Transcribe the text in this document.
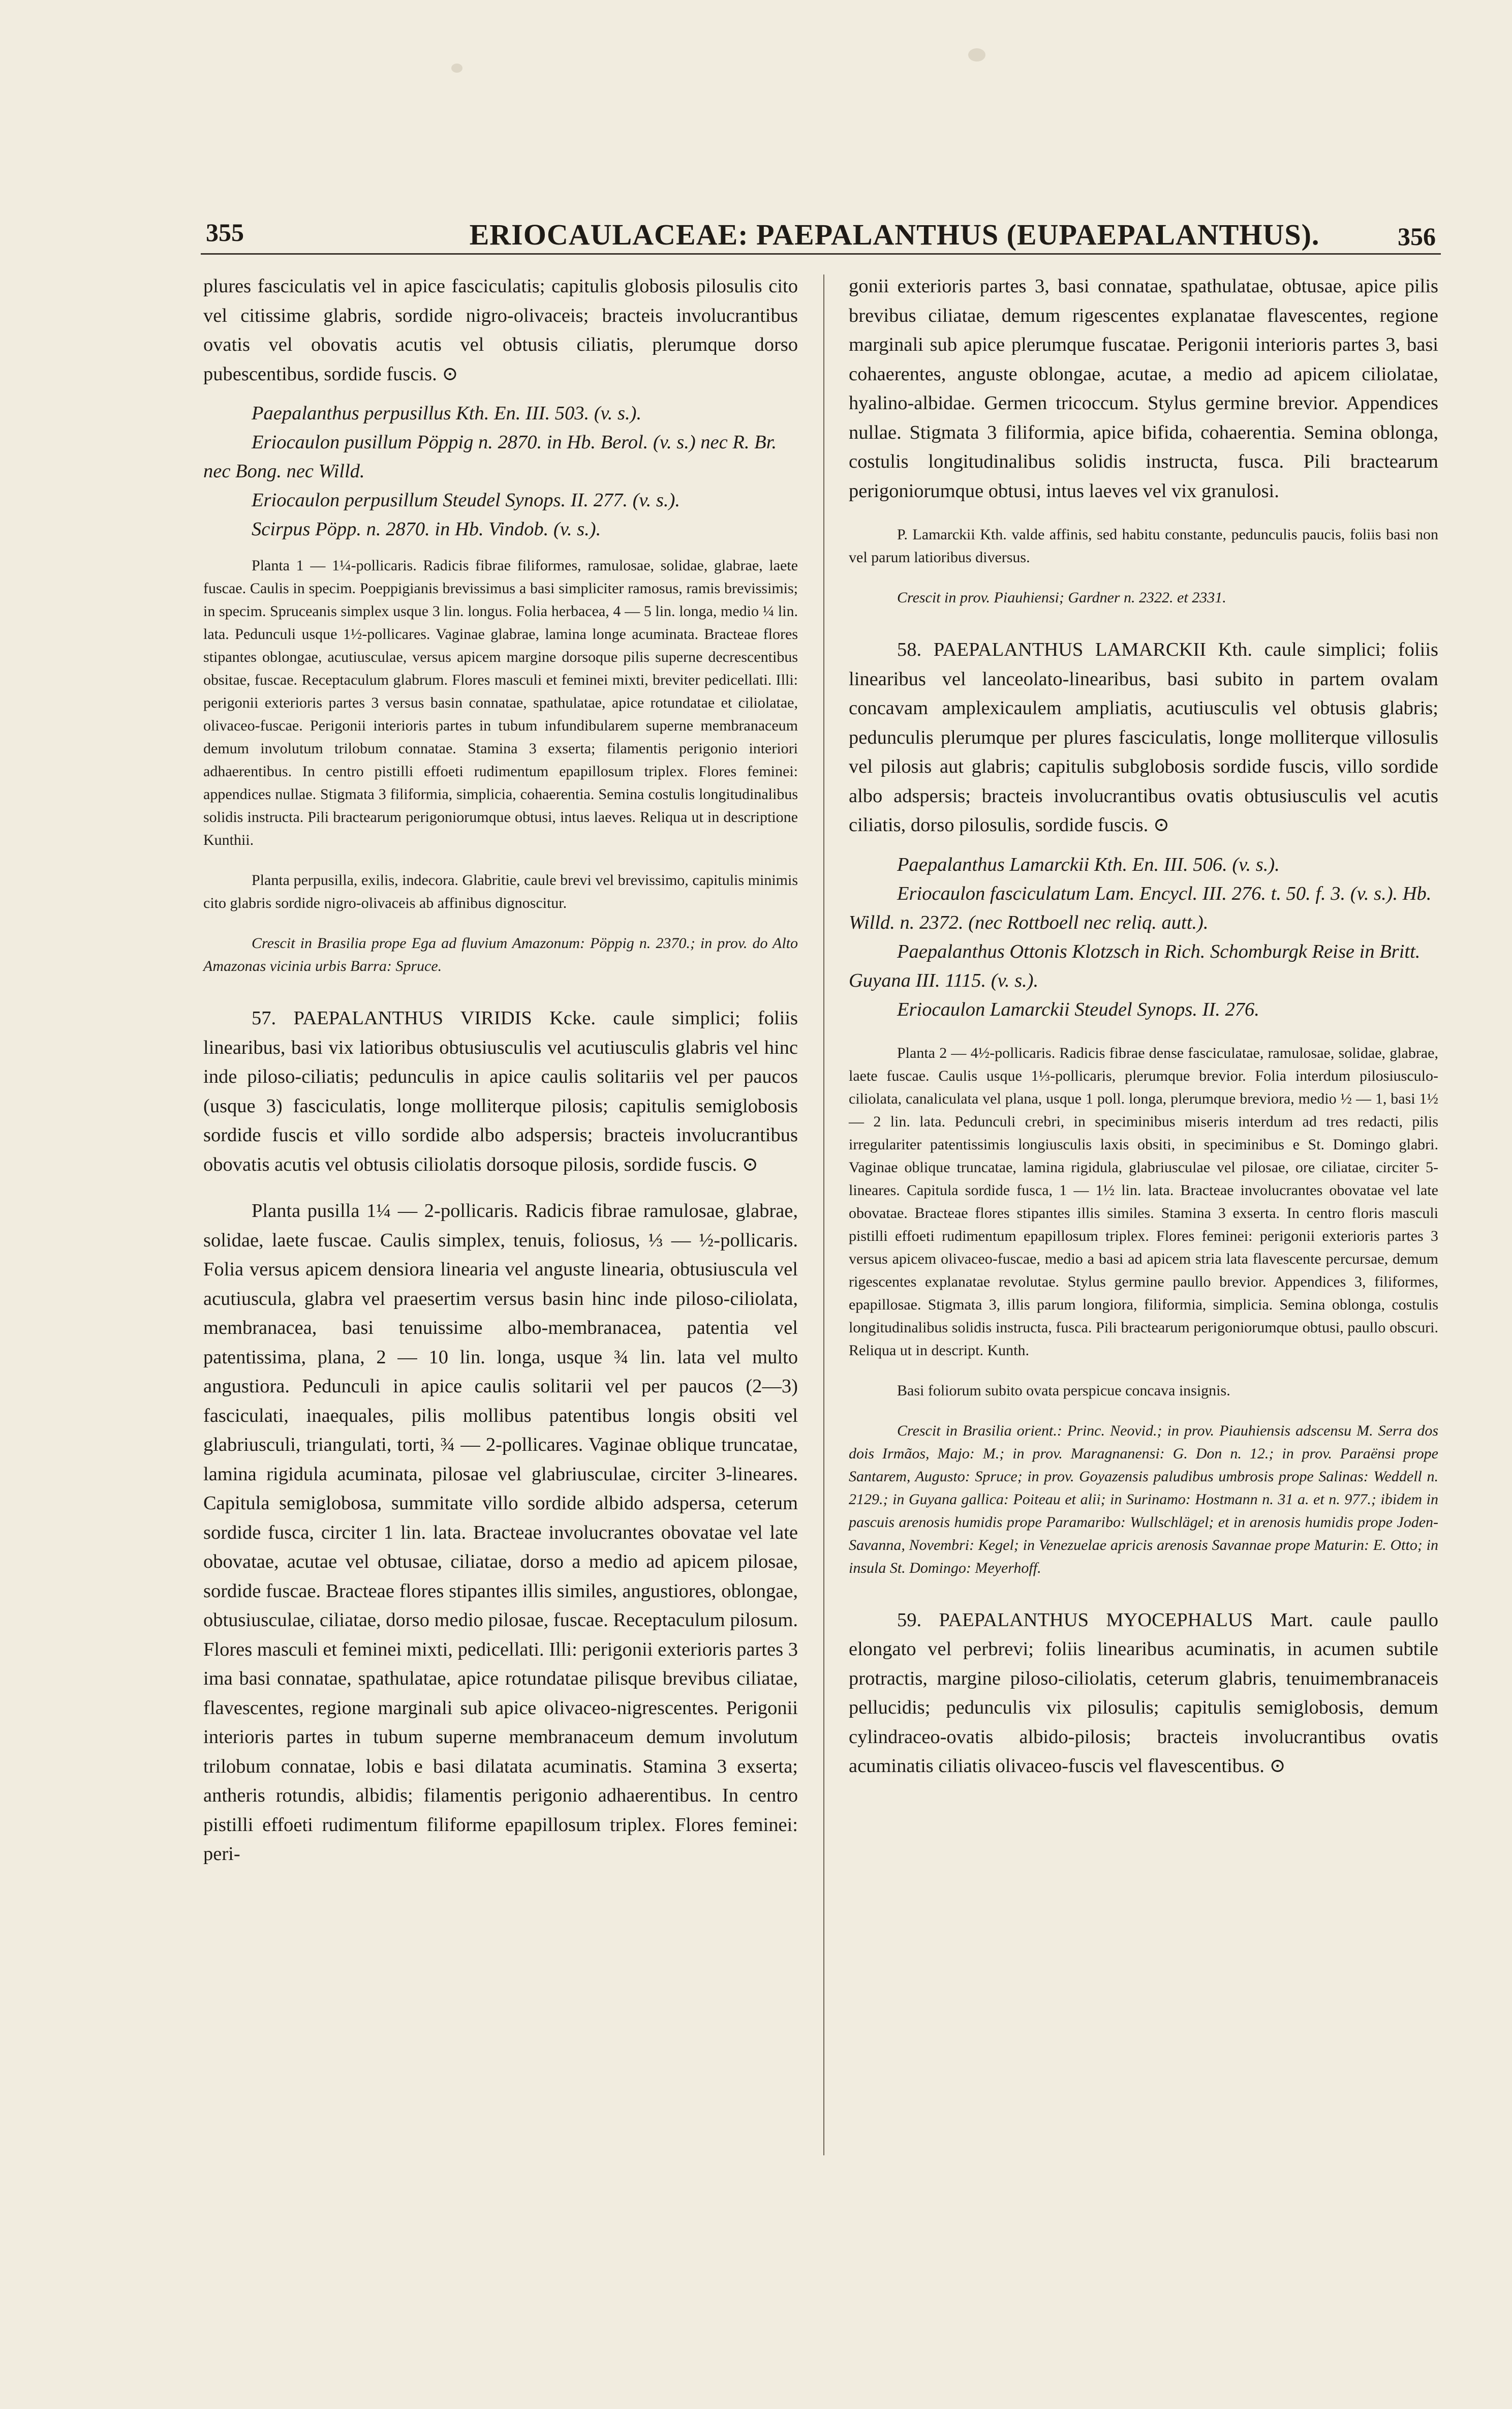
355	ERIOCAULACEAE: PAEPALANTHUS (EUPAEPALANTHUS).	356

plures fasciculatis vel in apice fasciculatis; capitulis globosis pilosulis cito vel citissime glabris, sordide nigro-olivaceis; bracteis involucrantibus ovatis vel obovatis acutis vel obtusis ciliatis, plerumque dorso pubescentibus, sordide fuscis. ⊙

Paepalanthus perpusillus Kth. En. III. 503. (v. s.).

Eriocaulon pusillum Pöppig n. 2870. in Hb. Berol. (v. s.) nec R. Br. nec Bong. nec Willd.

Eriocaulon perpusillum Steudel Synops. II. 277. (v. s.).

Scirpus Pöpp. n. 2870. in Hb. Vindob. (v. s.).

Planta 1 — 1¼-pollicaris. Radicis fibrae filiformes, ramulosae, solidae, glabrae, laete fuscae. Caulis in specim. Poeppigianis brevissimus a basi simpliciter ramosus, ramis brevissimis; in specim. Spruceanis simplex usque 3 lin. longus. Folia herbacea, 4 — 5 lin. longa, medio ¼ lin. lata. Pedunculi usque 1½-pollicares. Vaginae glabrae, lamina longe acuminata. Bracteae flores stipantes oblongae, acutiusculae, versus apicem margine dorsoque pilis superne decrescentibus obsitae, fuscae. Receptaculum glabrum. Flores masculi et feminei mixti, breviter pedicellati. Illi: perigonii exterioris partes 3 versus basin connatae, spathulatae, apice rotundatae et ciliolatae, olivaceo-fuscae. Perigonii interioris partes in tubum infundibularem superne membranaceum demum involutum trilobum connatae. Stamina 3 exserta; filamentis perigonio interiori adhaerentibus. In centro pistilli effoeti rudimentum epapillosum triplex. Flores feminei: appendices nullae. Stigmata 3 filiformia, simplicia, cohaerentia. Semina costulis longitudinalibus solidis instructa. Pili bractearum perigoniorumque obtusi, intus laeves. Reliqua ut in descriptione Kunthii.

Planta perpusilla, exilis, indecora. Glabritie, caule brevi vel brevissimo, capitulis minimis cito glabris sordide nigro-olivaceis ab affinibus dignoscitur.

Crescit in Brasilia prope Ega ad fluvium Amazonum: Pöppig n. 2370.; in prov. do Alto Amazonas vicinia urbis Barra: Spruce.

57. PAEPALANTHUS VIRIDIS Kcke. caule simplici; foliis linearibus, basi vix latioribus obtusiusculis vel acutiusculis glabris vel hinc inde piloso-ciliatis; pedunculis in apice caulis solitariis vel per paucos (usque 3) fasciculatis, longe molliterque pilosis; capitulis semiglobosis sordide fuscis et villo sordide albo adspersis; bracteis involucrantibus obovatis acutis vel obtusis ciliolatis dorsoque pilosis, sordide fuscis. ⊙

Planta pusilla 1¼ — 2-pollicaris. Radicis fibrae ramulosae, glabrae, solidae, laete fuscae. Caulis simplex, tenuis, foliosus, ⅓ — ½-pollicaris. Folia versus apicem densiora linearia vel anguste linearia, obtusiuscula vel acutiuscula, glabra vel praesertim versus basin hinc inde piloso-ciliolata, membranacea, basi tenuissime albo-membranacea, patentia vel patentissima, plana, 2 — 10 lin. longa, usque ¾ lin. lata vel multo angustiora. Pedunculi in apice caulis solitarii vel per paucos (2—3) fasciculati, inaequales, pilis mollibus patentibus longis obsiti vel glabriusculi, triangulati, torti, ¾ — 2-pollicares. Vaginae oblique truncatae, lamina rigidula acuminata, pilosae vel glabriusculae, circiter 3-lineares. Capitula semiglobosa, summitate villo sordide albido adspersa, ceterum sordide fusca, circiter 1 lin. lata. Bracteae involucrantes obovatae vel late obovatae, acutae vel obtusae, ciliatae, dorso a medio ad apicem pilosae, sordide fuscae. Bracteae flores stipantes illis similes, angustiores, oblongae, obtusiusculae, ciliatae, dorso medio pilosae, fuscae. Receptaculum pilosum. Flores masculi et feminei mixti, pedicellati. Illi: perigonii exterioris partes 3 ima basi connatae, spathulatae, apice rotundatae pilisque brevibus ciliatae, flavescentes, regione marginali sub apice olivaceo-nigrescentes. Perigonii interioris partes in tubum superne membranaceum demum involutum trilobum connatae, lobis e basi dilatata acuminatis. Stamina 3 exserta; antheris rotundis, albidis; filamentis perigonio adhaerentibus. In centro pistilli effoeti rudimentum filiforme epapillosum triplex. Flores feminei: peri-

gonii exterioris partes 3, basi connatae, spathulatae, obtusae, apice pilis brevibus ciliatae, demum rigescentes explanatae flavescentes, regione marginali sub apice plerumque fuscatae. Perigonii interioris partes 3, basi cohaerentes, anguste oblongae, acutae, a medio ad apicem ciliolatae, hyalino-albidae. Germen tricoccum. Stylus germine brevior. Appendices nullae. Stigmata 3 filiformia, apice bifida, cohaerentia. Semina oblonga, costulis longitudinalibus solidis instructa, fusca. Pili bractearum perigoniorumque obtusi, intus laeves vel vix granulosi.

P. Lamarckii Kth. valde affinis, sed habitu constante, pedunculis paucis, foliis basi non vel parum latioribus diversus.

Crescit in prov. Piauhiensi; Gardner n. 2322. et 2331.

58. PAEPALANTHUS LAMARCKII Kth. caule simplici; foliis linearibus vel lanceolato-linearibus, basi subito in partem ovalam concavam amplexicaulem ampliatis, acutiusculis vel obtusis glabris; pedunculis plerumque per plures fasciculatis, longe molliterque villosulis vel pilosis aut glabris; capitulis subglobosis sordide fuscis, villo sordide albo adspersis; bracteis involucrantibus ovatis obtusiusculis vel acutis ciliatis, dorso pilosulis, sordide fuscis. ⊙

Paepalanthus Lamarckii Kth. En. III. 506. (v. s.).

Eriocaulon fasciculatum Lam. Encycl. III. 276. t. 50. f. 3. (v. s.). Hb. Willd. n. 2372. (nec Rottboell nec reliq. autt.).

Paepalanthus Ottonis Klotzsch in Rich. Schomburgk Reise in Britt. Guyana III. 1115. (v. s.).

Eriocaulon Lamarckii Steudel Synops. II. 276.

Planta 2 — 4½-pollicaris. Radicis fibrae dense fasciculatae, ramulosae, solidae, glabrae, laete fuscae. Caulis usque 1⅓-pollicaris, plerumque brevior. Folia interdum pilosiusculo-ciliolata, canaliculata vel plana, usque 1 poll. longa, plerumque breviora, medio ½ — 1, basi 1½ — 2 lin. lata. Pedunculi crebri, in speciminibus miseris interdum ad tres redacti, pilis irregulariter patentissimis longiusculis laxis obsiti, in speciminibus e St. Domingo glabri. Vaginae oblique truncatae, lamina rigidula, glabriusculae vel pilosae, ore ciliatae, circiter 5-lineares. Capitula sordide fusca, 1 — 1½ lin. lata. Bracteae involucrantes obovatae vel late obovatae. Bracteae flores stipantes illis similes. Stamina 3 exserta. In centro floris masculi pistilli effoeti rudimentum epapillosum triplex. Flores feminei: perigonii exterioris partes 3 versus apicem olivaceo-fuscae, medio a basi ad apicem stria lata flavescente percursae, demum rigescentes explanatae revolutae. Stylus germine paullo brevior. Appendices 3, filiformes, epapillosae. Stigmata 3, illis parum longiora, filiformia, simplicia. Semina oblonga, costulis longitudinalibus solidis instructa, fusca. Pili bractearum perigoniorumque obtusi, paullo obscuri. Reliqua ut in descript. Kunth.

Basi foliorum subito ovata perspicue concava insignis.

Crescit in Brasilia orient.: Princ. Neovid.; in prov. Piauhiensis adscensu M. Serra dos dois Irmãos, Majo: M.; in prov. Maragnanensi: G. Don n. 12.; in prov. Paraënsi prope Santarem, Augusto: Spruce; in prov. Goyazensis paludibus umbrosis prope Salinas: Weddell n. 2129.; in Guyana gallica: Poiteau et alii; in Surinamo: Hostmann n. 31 a. et n. 977.; ibidem in pascuis arenosis humidis prope Paramaribo: Wullschlägel; et in arenosis humidis prope Joden-Savanna, Novembri: Kegel; in Venezuelae apricis arenosis Savannae prope Maturin: E. Otto; in insula St. Domingo: Meyerhoff.

59. PAEPALANTHUS MYOCEPHALUS Mart. caule paullo elongato vel perbrevi; foliis linearibus acuminatis, in acumen subtile protractis, margine piloso-ciliolatis, ceterum glabris, tenuimembranaceis pellucidis; pedunculis vix pilosulis; capitulis semiglobosis, demum cylindraceo-ovatis albido-pilosis; bracteis involucrantibus ovatis acuminatis ciliatis olivaceo-fuscis vel flavescentibus. ⊙
